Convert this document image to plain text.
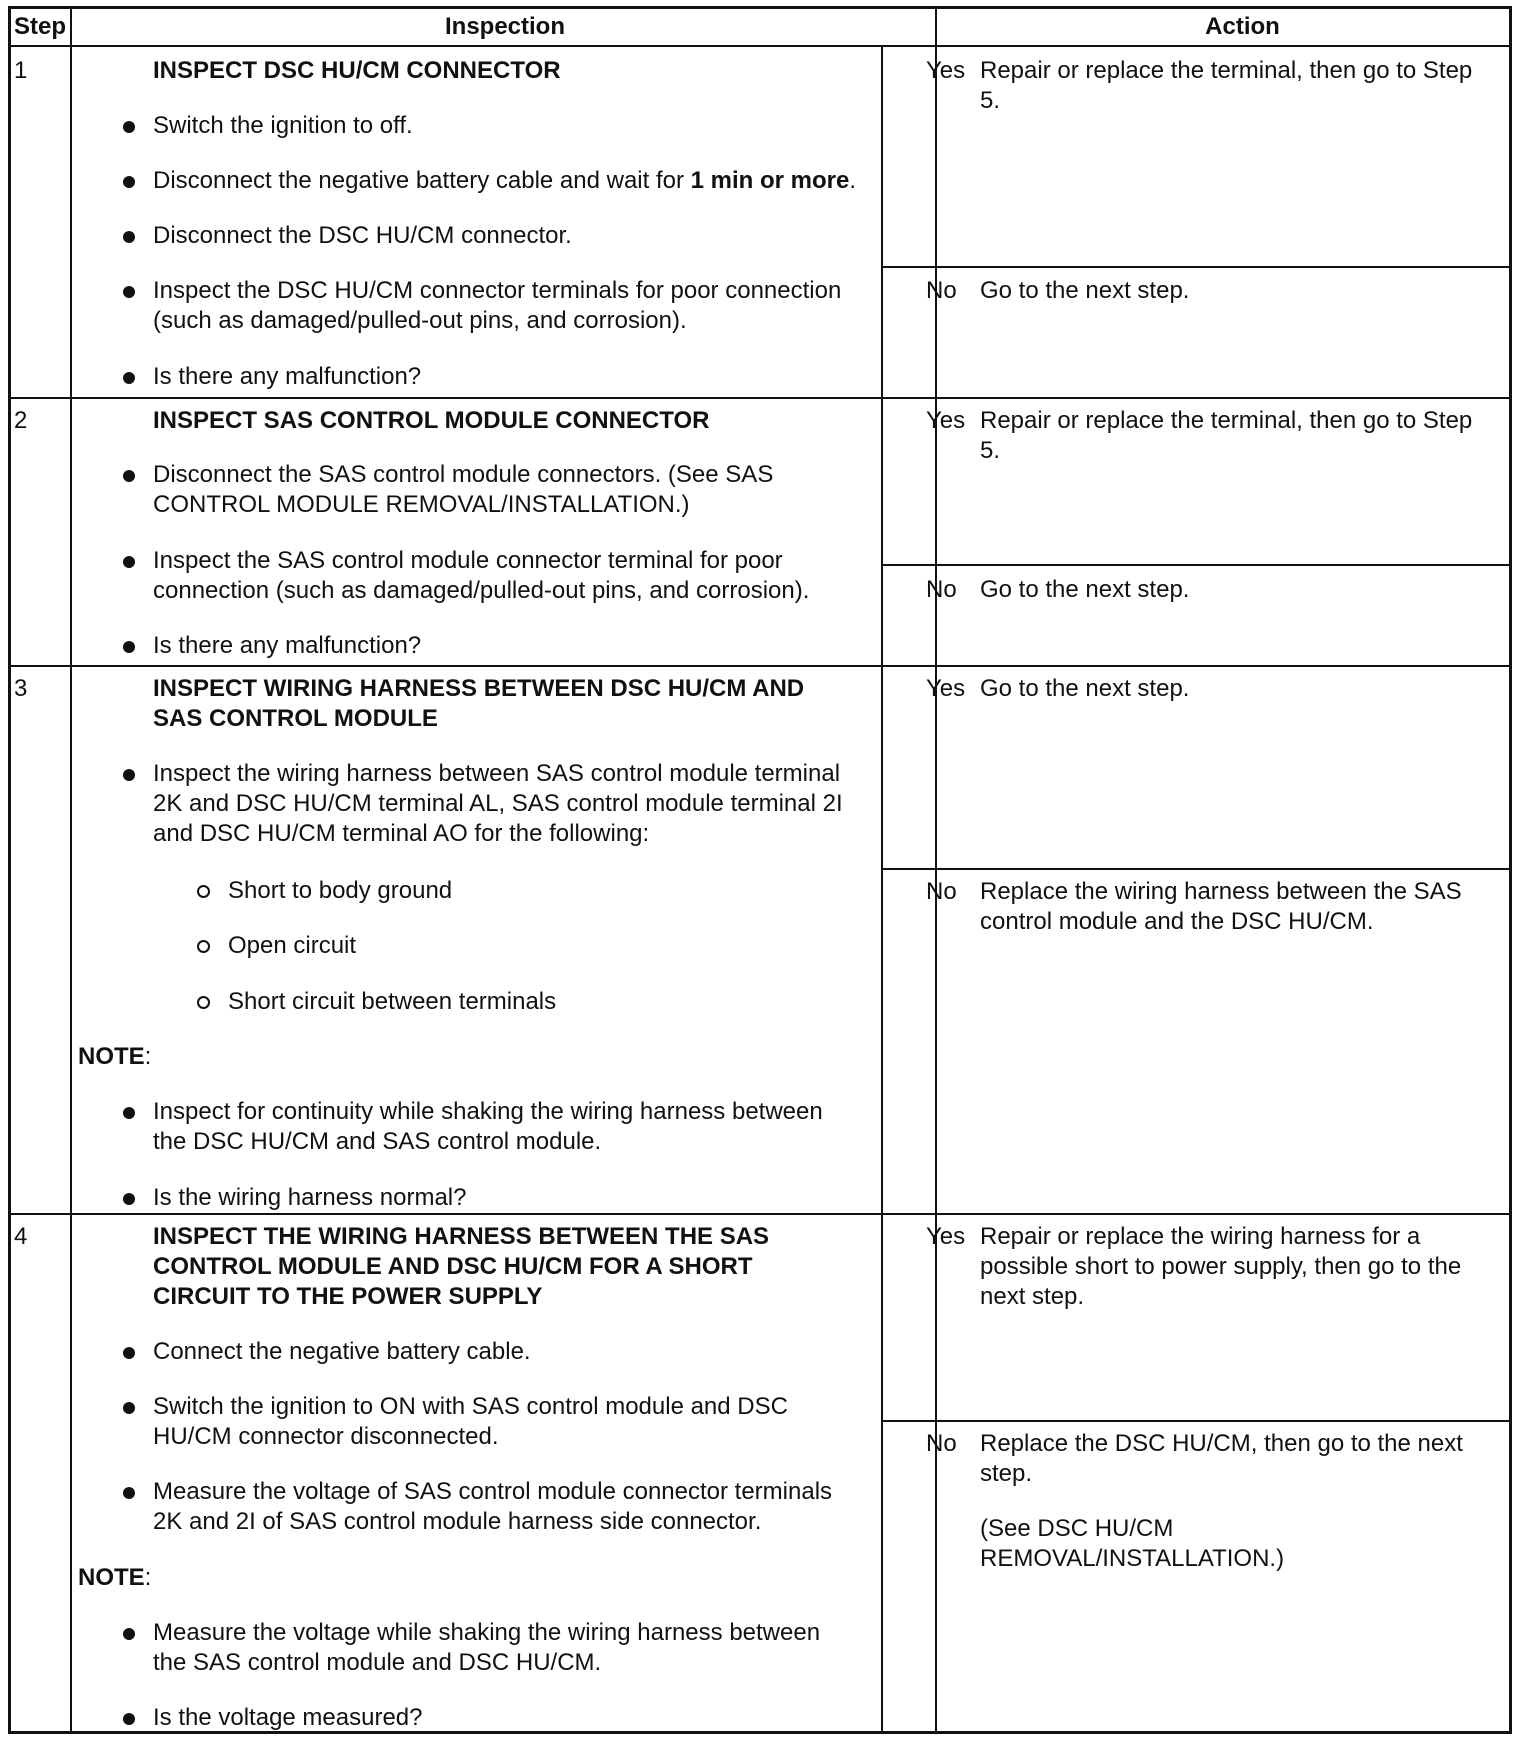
Step	Inspection	Action
1	INSPECT DSC HU/CM CONNECTOR
Switch the ignition to off.
Disconnect the negative battery cable and wait for 1 min or more.
Disconnect the DSC HU/CM connector.
Inspect the DSC HU/CM connector terminals for poor connection
(such as damaged/pulled-out pins, and corrosion).
Is there any malfunction?
Yes Repair or replace the terminal, then go to Step
5.
No Go to the next step.
2	INSPECT SAS CONTROL MODULE CONNECTOR
Disconnect the SAS control module connectors. (See SAS
CONTROL MODULE REMOVAL/INSTALLATION.)
Inspect the SAS control module connector terminal for poor
connection (such as damaged/pulled-out pins, and corrosion).
Is there any malfunction?
Yes Repair or replace the terminal, then go to Step
5.
No Go to the next step.
3	INSPECT WIRING HARNESS BETWEEN DSC HU/CM AND
SAS CONTROL MODULE
Inspect the wiring harness between SAS control module terminal
2K and DSC HU/CM terminal AL, SAS control module terminal 2I
and DSC HU/CM terminal AO for the following:
Short to body ground
Open circuit
Short circuit between terminals
NOTE:
Inspect for continuity while shaking the wiring harness between
the DSC HU/CM and SAS control module.
Is the wiring harness normal?
Yes Go to the next step.
No Replace the wiring harness between the SAS
control module and the DSC HU/CM.
4	INSPECT THE WIRING HARNESS BETWEEN THE SAS
CONTROL MODULE AND DSC HU/CM FOR A SHORT
CIRCUIT TO THE POWER SUPPLY
Connect the negative battery cable.
Switch the ignition to ON with SAS control module and DSC
HU/CM connector disconnected.
Measure the voltage of SAS control module connector terminals
2K and 2I of SAS control module harness side connector.
NOTE:
Measure the voltage while shaking the wiring harness between
the SAS control module and DSC HU/CM.
Is the voltage measured?
Yes Repair or replace the wiring harness for a
possible short to power supply, then go to the
next step.
No Replace the DSC HU/CM, then go to the next
step.
(See DSC HU/CM
REMOVAL/INSTALLATION.)
